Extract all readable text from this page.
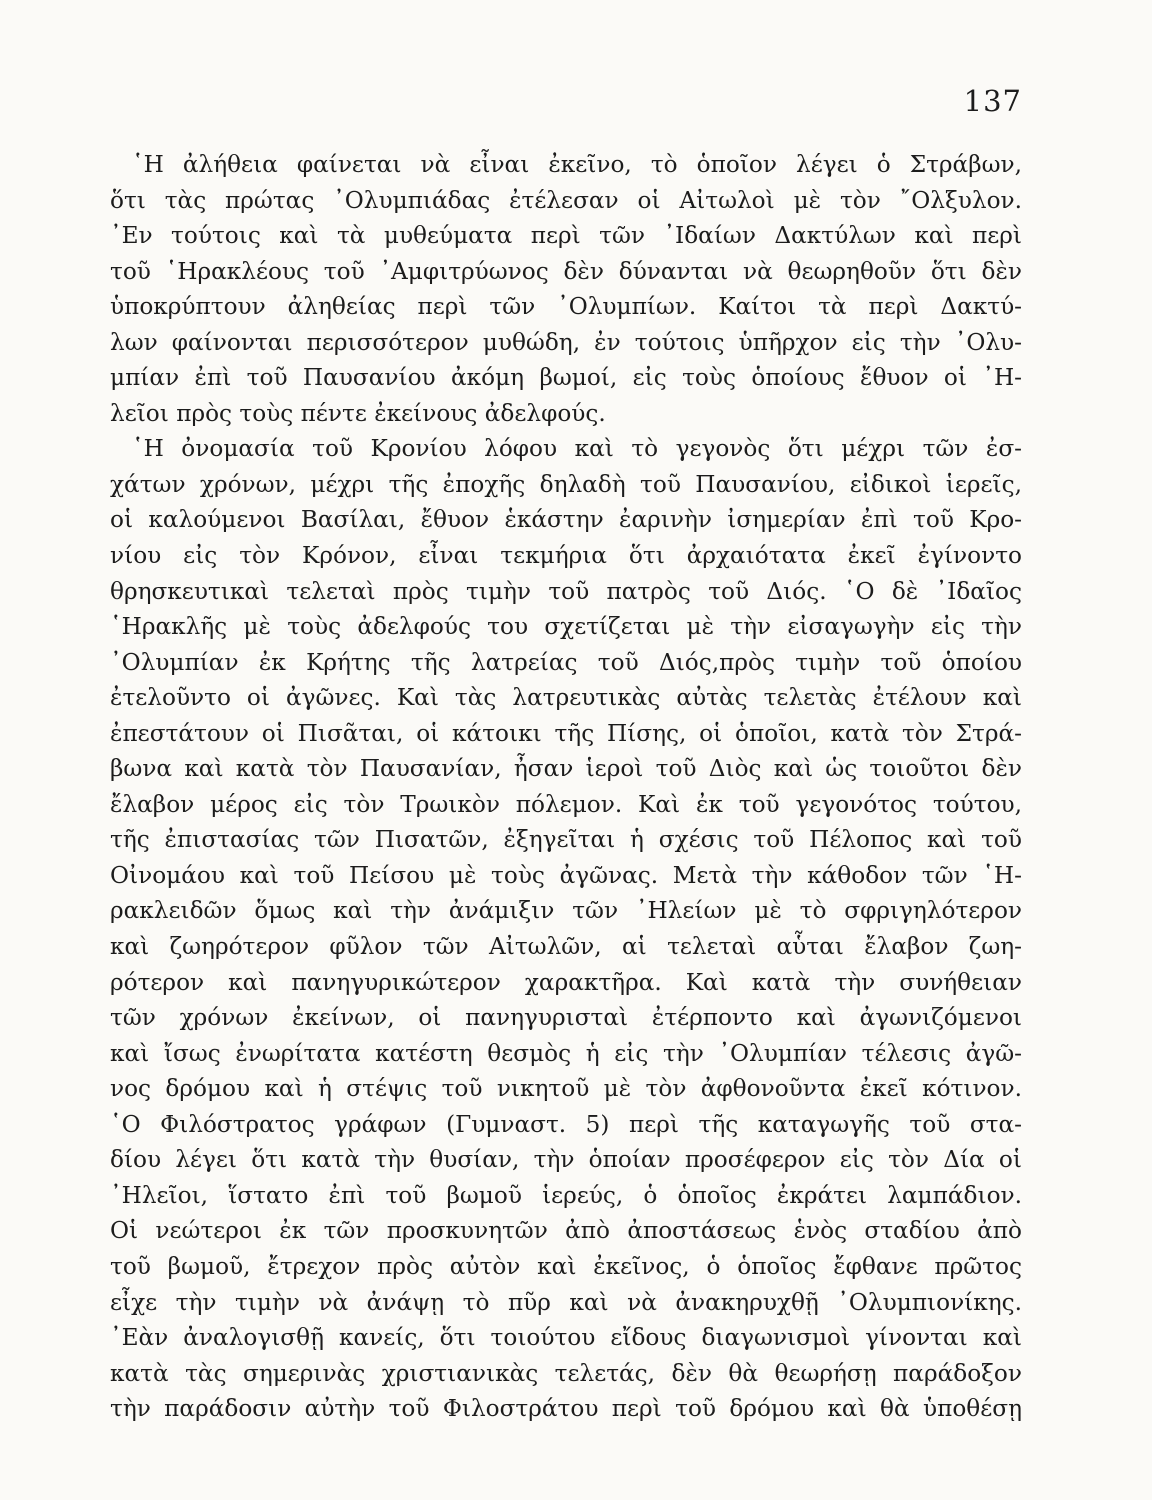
137
῾Η ἀλήθεια φαίνεται νὰ εἶναι ἐκεῖνο, τὸ ὁποῖον λέγει ὁ Στράβων,
ὅτι τὰς πρώτας ᾿Ολυμπιάδας ἐτέλεσαν οἱ Αἰτωλοὶ μὲ τὸν ῎Ολξυλον.
᾿Εν τούτοις καὶ τὰ μυθεύματα περὶ τῶν ᾿Ιδαίων Δακτύλων καὶ περὶ
τοῦ ῾Ηρακλέους τοῦ ᾿Αμφιτρύωνος δὲν δύνανται νὰ θεωρηθοῦν ὅτι δὲν
ὑποκρύπτουν ἀληθείας περὶ τῶν ᾿Ολυμπίων. Καίτοι τὰ περὶ Δακτύ-
λων φαίνονται περισσότερον μυθώδη, ἐν τούτοις ὑπῆρχον εἰς τὴν ᾿Ολυ-
μπίαν ἐπὶ τοῦ Παυσανίου ἀκόμη βωμοί, εἰς τοὺς ὁποίους ἔθυον οἱ ᾿Η-
λεῖοι πρὸς τοὺς πέντε ἐκείνους ἀδελφούς.
῾Η ὀνομασία τοῦ Κρονίου λόφου καὶ τὸ γεγονὸς ὅτι μέχρι τῶν ἐσ-
χάτων χρόνων, μέχρι τῆς ἐποχῆς δηλαδὴ τοῦ Παυσανίου, εἰδικοὶ ἱερεῖς,
οἱ καλούμενοι Βασίλαι, ἔθυον ἑκάστην ἐαρινὴν ἰσημερίαν ἐπὶ τοῦ Κρο-
νίου εἰς τὸν Κρόνον, εἶναι τεκμήρια ὅτι ἀρχαιότατα ἐκεῖ ἐγίνοντο
θρησκευτικαὶ τελεταὶ πρὸς τιμὴν τοῦ πατρὸς τοῦ Διός. ῾Ο δὲ ᾿Ιδαῖος
῾Ηρακλῆς μὲ τοὺς ἀδελφούς του σχετίζεται μὲ τὴν εἰσαγωγὴν εἰς τὴν
᾿Ολυμπίαν ἐκ Κρήτης τῆς λατρείας τοῦ Διός,πρὸς τιμὴν τοῦ ὁποίου
ἐτελοῦντο οἱ ἀγῶνες. Καὶ τὰς λατρευτικὰς αὐτὰς τελετὰς ἐτέλουν καὶ
ἐπεστάτουν οἱ Πισᾶται, οἱ κάτοικι τῆς Πίσης, οἱ ὁποῖοι, κατὰ τὸν Στρά-
βωνα καὶ κατὰ τὸν Παυσανίαν, ἦσαν ἱεροὶ τοῦ Διὸς καὶ ὡς τοιοῦτοι δὲν
ἔλαβον μέρος εἰς τὸν Τρωικὸν πόλεμον. Καὶ ἐκ τοῦ γεγονότος τούτου,
τῆς ἐπιστασίας τῶν Πισατῶν, ἐξηγεῖται ἡ σχέσις τοῦ Πέλοπος καὶ τοῦ
Οἰνομάου καὶ τοῦ Πείσου μὲ τοὺς ἀγῶνας. Μετὰ τὴν κάθοδον τῶν ῾Η-
ρακλειδῶν ὅμως καὶ τὴν ἀνάμιξιν τῶν ᾿Ηλείων μὲ τὸ σφριγηλότερον
καὶ ζωηρότερον φῦλον τῶν Αἰτωλῶν, αἱ τελεταὶ αὗται ἔλαβον ζωη-
ρότερον καὶ πανηγυρικώτερον χαρακτῆρα. Καὶ κατὰ τὴν συνήθειαν
τῶν χρόνων ἐκείνων, οἱ πανηγυρισταὶ ἐτέρποντο καὶ ἀγωνιζόμενοι
καὶ ἴσως ἐνωρίτατα κατέστη θεσμὸς ἡ εἰς τὴν ᾿Ολυμπίαν τέλεσις ἀγῶ-
νος δρόμου καὶ ἡ στέψις τοῦ νικητοῦ μὲ τὸν ἀφθονοῦντα ἐκεῖ κότινον.
῾Ο Φιλόστρατος γράφων (Γυμναστ. 5) περὶ τῆς καταγωγῆς τοῦ στα-
δίου λέγει ὅτι κατὰ τὴν θυσίαν, τὴν ὁποίαν προσέφερον εἰς τὸν Δία οἱ
᾿Ηλεῖοι, ἵστατο ἐπὶ τοῦ βωμοῦ ἱερεύς, ὁ ὁποῖος ἐκράτει λαμπάδιον.
Οἱ νεώτεροι ἐκ τῶν προσκυνητῶν ἀπὸ ἀποστάσεως ἑνὸς σταδίου ἀπὸ
τοῦ βωμοῦ, ἔτρεχον πρὸς αὐτὸν καὶ ἐκεῖνος, ὁ ὁποῖος ἔφθανε πρῶτος
εἶχε τὴν τιμὴν νὰ ἀνάψῃ τὸ πῦρ καὶ νὰ ἀνακηρυχθῇ ᾿Ολυμπιονίκης.
᾿Εὰν ἀναλογισθῇ κανείς, ὅτι τοιούτου εἴδους διαγωνισμοὶ γίνονται καὶ
κατὰ τὰς σημερινὰς χριστιανικὰς τελετάς, δὲν θὰ θεωρήσῃ παράδοξον
τὴν παράδοσιν αὐτὴν τοῦ Φιλοστράτου περὶ τοῦ δρόμου καὶ θὰ ὑποθέσῃ
